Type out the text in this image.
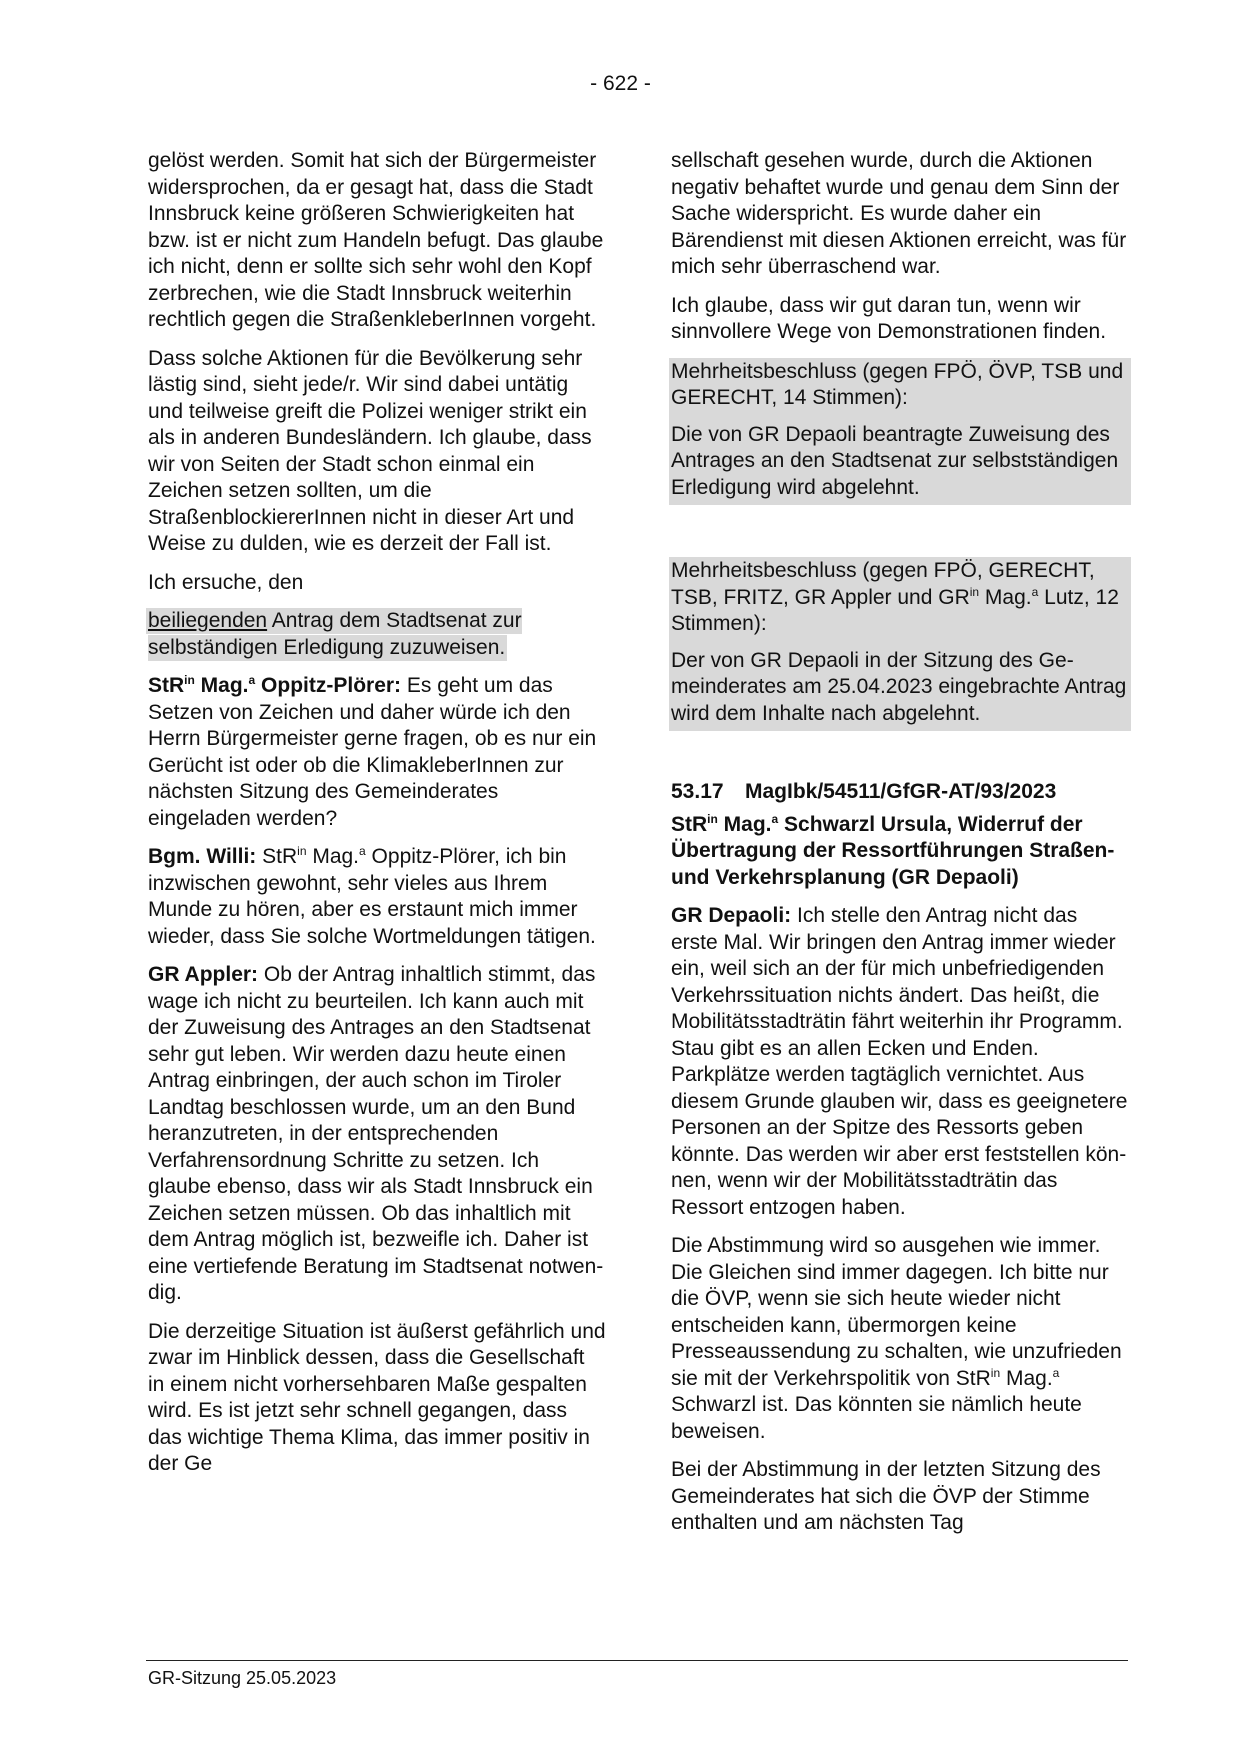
- 622 -

gelöst werden. Somit hat sich der Bürgermeister widersprochen, da er gesagt hat, dass die Stadt Innsbruck keine größeren Schwierigkeiten hat bzw. ist er nicht zum Handeln befugt. Das glaube ich nicht, denn er sollte sich sehr wohl den Kopf zerbrechen, wie die Stadt Innsbruck weiterhin rechtlich gegen die StraßenkleberInnen vorgeht.

Dass solche Aktionen für die Bevölkerung sehr lästig sind, sieht jede/r. Wir sind dabei untätig und teilweise greift die Polizei weniger strikt ein als in anderen Bundesländern. Ich glaube, dass wir von Seiten der Stadt schon einmal ein Zeichen setzen sollten, um die StraßenblockiererInnen nicht in dieser Art und Weise zu dulden, wie es derzeit der Fall ist.

Ich ersuche, den

beiliegenden Antrag dem Stadtsenat zur selbständigen Erledigung zuzuweisen.

StR$^{in}$ Mag.$^a$ Oppitz-Plörer: Es geht um das Setzen von Zeichen und daher würde ich den Herrn Bürgermeister gerne fragen, ob es nur ein Gerücht ist oder ob die KlimakleberInnen zur nächsten Sitzung des Gemeinderates eingeladen werden?

Bgm. Willi: StR$^{in}$ Mag.$^a$ Oppitz-Plörer, ich bin inzwischen gewohnt, sehr vieles aus Ihrem Munde zu hören, aber es erstaunt mich immer wieder, dass Sie solche Wortmeldungen tätigen.

GR Appler: Ob der Antrag inhaltlich stimmt, das wage ich nicht zu beurteilen. Ich kann auch mit der Zuweisung des Antrages an den Stadtsenat sehr gut leben. Wir werden dazu heute einen Antrag einbringen, der auch schon im Tiroler Landtag beschlossen wurde, um an den Bund heranzutreten, in der entsprechenden Verfahrensordnung Schritte zu setzen. Ich glaube ebenso, dass wir als Stadt Innsbruck ein Zeichen setzen müssen. Ob das inhaltlich mit dem Antrag möglich ist, bezweifle ich. Daher ist eine vertiefende Beratung im Stadtsenat notwendig.

Die derzeitige Situation ist äußerst gefährlich und zwar im Hinblick dessen, dass die Gesellschaft in einem nicht vorhersehbaren Maße gespalten wird. Es ist jetzt sehr schnell gegangen, dass das wichtige Thema Klima, das immer positiv in der Ge

sellschaft gesehen wurde, durch die Aktionen negativ behaftet wurde und genau dem Sinn der Sache widerspricht. Es wurde daher ein Bärendienst mit diesen Aktionen erreicht, was für mich sehr überraschend war.

Ich glaube, dass wir gut daran tun, wenn wir sinnvollere Wege von Demonstrationen finden.

Mehrheitsbeschluss (gegen FPÖ, ÖVP, TSB und GERECHT, 14 Stimmen):

Die von GR Depaoli beantragte Zuweisung des Antrages an den Stadtsenat zur selbstständigen Erledigung wird abgelehnt.

Mehrheitsbeschluss (gegen FPÖ, GERECHT, TSB, FRITZ, GR Appler und $GR^{in}$ Mag.$^a$ Lutz, 12 Stimmen):

Der von GR Depaoli in der Sitzung des Gemeinderates am 25.04.2023 eingebrachte Antrag wird dem Inhalte nach abgelehnt.

53.17	MagIbk/54511/GfGR-AT/93/2023

StR$^{in}$ Mag.$^a$ Schwarzl Ursula, Widerruf der Übertragung der Ressortführungen Straßen- und Verkehrsplanung (GR Depaoli)

GR Depaoli: Ich stelle den Antrag nicht das erste Mal. Wir bringen den Antrag immer wieder ein, weil sich an der für mich unbefriedigenden Verkehrssituation nichts ändert. Das heißt, die Mobilitätsstadträtin fährt weiterhin ihr Programm. Stau gibt es an allen Ecken und Enden. Parkplätze werden tagtäglich vernichtet. Aus diesem Grunde glauben wir, dass es geeignetere Personen an der Spitze des Ressorts geben könnte. Das werden wir aber erst feststellen können, wenn wir der Mobilitätsstadträtin das Ressort entzogen haben.

Die Abstimmung wird so ausgehen wie immer. Die Gleichen sind immer dagegen. Ich bitte nur die ÖVP, wenn sie sich heute wieder nicht entscheiden kann, übermorgen keine Presseaussendung zu schalten, wie unzufrieden sie mit der Verkehrspolitik von StR$^{in}$ Mag.$^a$ Schwarzl ist. Das könnten sie nämlich heute beweisen.

Bei der Abstimmung in der letzten Sitzung des Gemeinderates hat sich die ÖVP der Stimme enthalten und am nächsten Tag

GR-Sitzung 25.05.2023
